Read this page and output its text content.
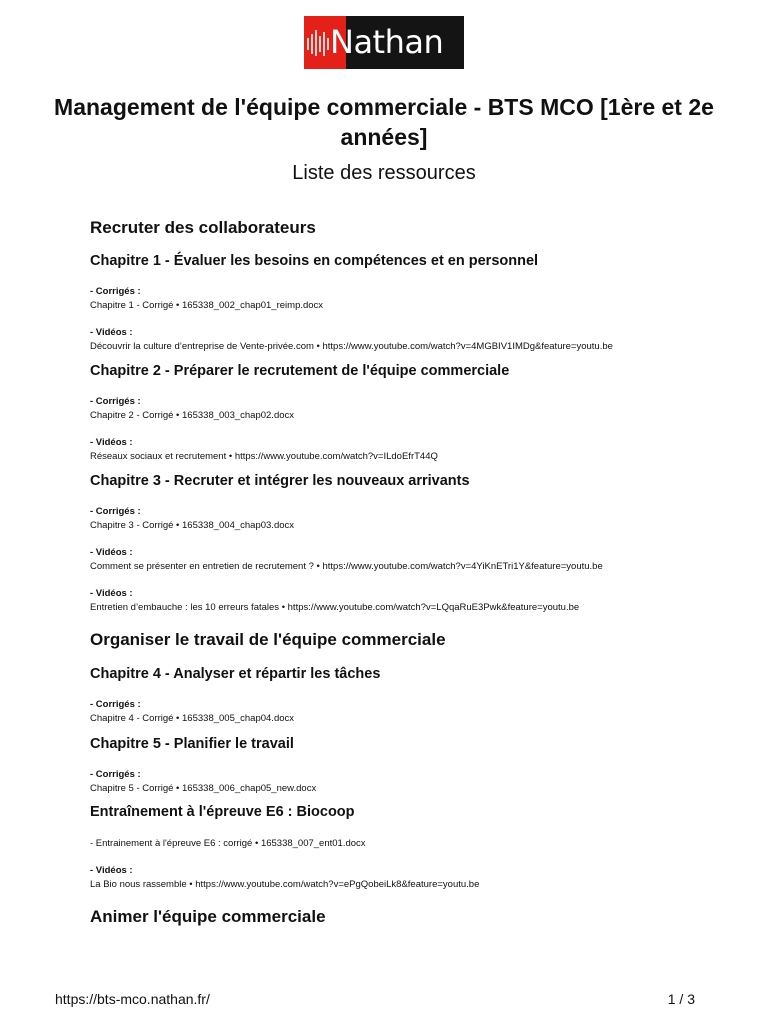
Nathan
Management de l'équipe commerciale - BTS MCO [1ère et 2e années]
Liste des ressources
Recruter des collaborateurs
Chapitre 1 - Évaluer les besoins en compétences et en personnel
- Corrigés :
Chapitre 1 - Corrigé • 165338_002_chap01_reimp.docx
- Vidéos :
Découvrir la culture d’entreprise de Vente-privée.com • https://www.youtube.com/watch?v=4MGBIV1IMDg&feature=youtu.be
Chapitre 2 - Préparer le recrutement de l'équipe commerciale
- Corrigés :
Chapitre 2 - Corrigé • 165338_003_chap02.docx
- Vidéos :
Réseaux sociaux et recrutement • https://www.youtube.com/watch?v=ILdoEfrT44Q
Chapitre 3 - Recruter et intégrer les nouveaux arrivants
- Corrigés :
Chapitre 3 - Corrigé • 165338_004_chap03.docx
- Vidéos :
Comment se présenter en entretien de recrutement ? • https://www.youtube.com/watch?v=4YiKnETri1Y&feature=youtu.be
- Vidéos :
Entretien d’embauche : les 10 erreurs fatales • https://www.youtube.com/watch?v=LQqaRuE3Pwk&feature=youtu.be
Organiser le travail de l'équipe commerciale
Chapitre 4 - Analyser et répartir les tâches
- Corrigés :
Chapitre 4 - Corrigé • 165338_005_chap04.docx
Chapitre 5 - Planifier le travail
- Corrigés :
Chapitre 5 - Corrigé • 165338_006_chap05_new.docx
Entraînement à l'épreuve E6 : Biocoop
- Entrainement à l'épreuve E6 : corrigé • 165338_007_ent01.docx
- Vidéos :
La Bio nous rassemble • https://www.youtube.com/watch?v=ePgQobeiLk8&feature=youtu.be
Animer l'équipe commerciale
https://bts-mco.nathan.fr/	1 / 3
